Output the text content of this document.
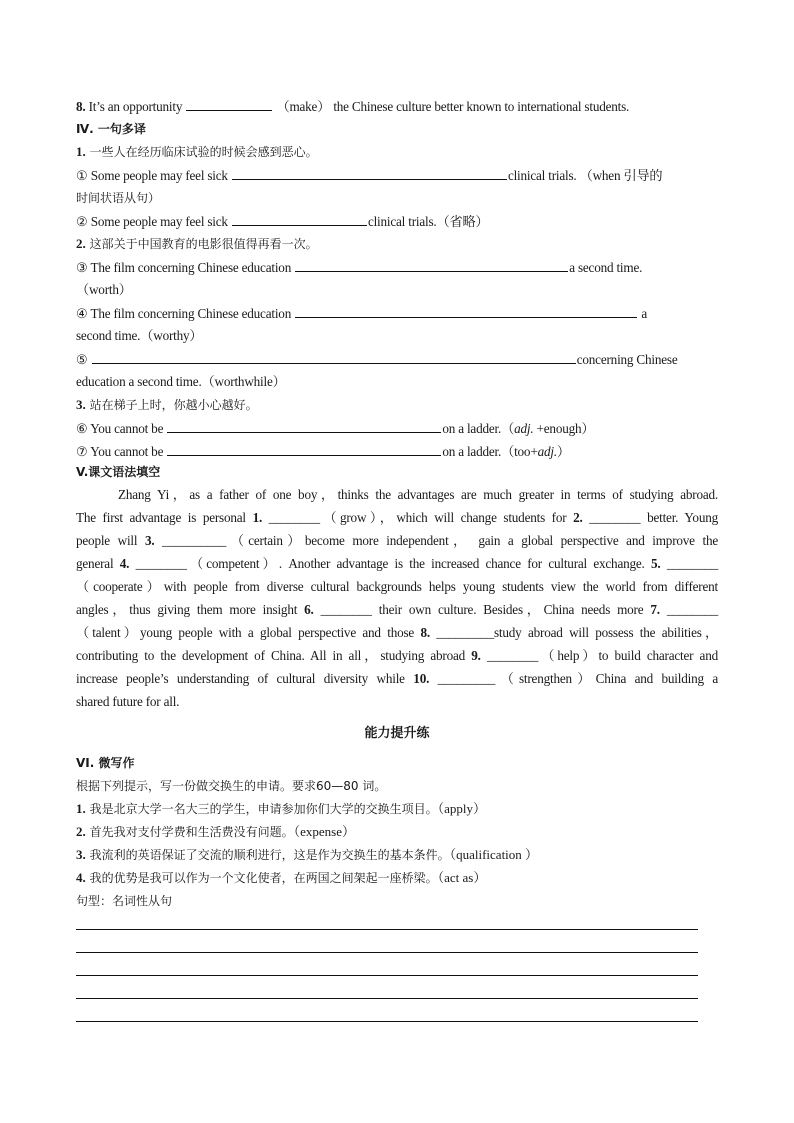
8. It’s an opportunity	（make） the Chinese culture better known to international students.
Ⅳ. 一句多译
1. 一些人在经历临床试验的时候会感到恶心。
① Some people may feel sick	clinical trials. （when 引导的
时间状语从句）
② Some people may feel sick	clinical trials.（省略）
2. 这部关于中国教育的电影很值得再看一次。
③ The film concerning Chinese education	a second time.
（worth）
④ The film concerning Chinese education	a
second time.（worthy）
⑤	concerning Chinese
education a second time.（worthwhile）
3. 站在梯子上时，你越小心越好。
⑥ You cannot be	on a ladder.（adj. +enough）
⑦ You cannot be	on a ladder.（too+adj.）
V.课文语法填空
Zhang Yi，as a father of one boy，thinks the advantages are much greater in terms of studying abroad.
The first advantage is personal 1. ________（grow），which will change students for 2. ________ better. Young
people will 3. __________（certain）become more independent， gain a global perspective and improve the
general 4. ________（competent）. Another advantage is the increased chance for cultural exchange. 5. ________
（cooperate）with people from diverse cultural backgrounds helps young students view the world from different
angles，thus giving them more insight 6. ________ their own culture. Besides，China needs more 7. ________
（talent）young people with a global perspective and those 8. _________study abroad will possess the abilities，
contributing to the development of China. All in all，studying abroad 9. ________（help）to build character and
increase people’s understanding of cultural diversity while 10. _________（strengthen）China and building a
shared future for all.
能力提升练
VI. 微写作
根据下列提示，写一份做交换生的申请。要求60—80 词。
1. 我是北京大学一名大三的学生，申请参加你们大学的交换生项目。（apply）
2. 首先我对支付学费和生活费没有问题。（expense）
3. 我流利的英语保证了交流的顺利进行，这是作为交换生的基本条件。（qualification ）
4. 我的优势是我可以作为一个文化使者，在两国之间架起一座桥梁。（act as）
句型：名词性从句
